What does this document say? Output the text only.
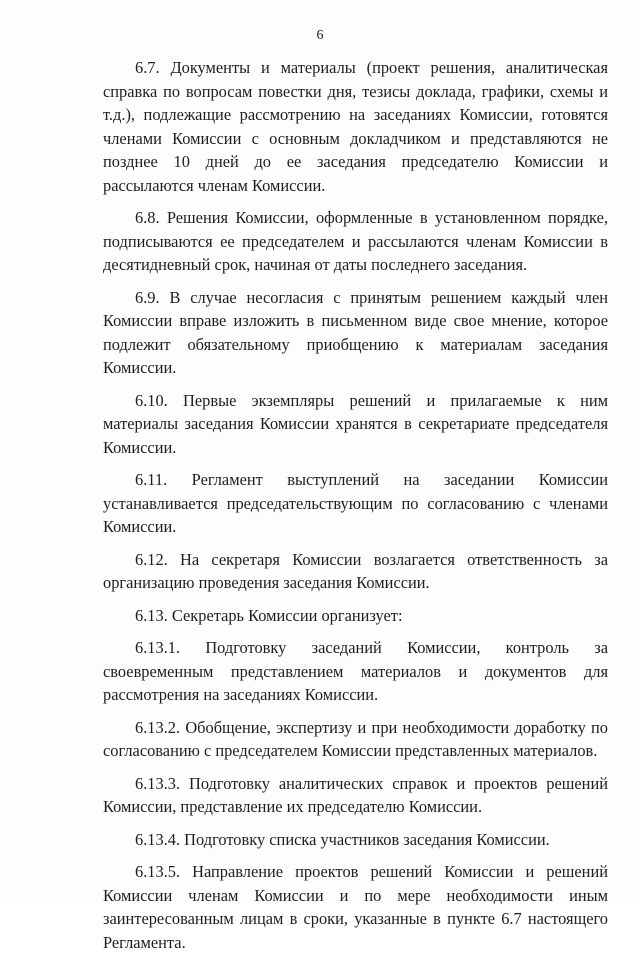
6

6.7. Документы и материалы (проект решения, аналитическая справка по вопросам повестки дня, тезисы доклада, графики, схемы и т.д.), подлежащие рассмотрению на заседаниях Комиссии, готовятся членами Комиссии с основным докладчиком и представляются не позднее 10 дней до ее заседания председателю Комиссии и рассылаются членам Комиссии.

6.8. Решения Комиссии, оформленные в установленном порядке, подписываются ее председателем и рассылаются членам Комиссии в десятидневный срок, начиная от даты последнего заседания.

6.9. В случае несогласия с принятым решением каждый член Комиссии вправе изложить в письменном виде свое мнение, которое подлежит обязательному приобщению к материалам заседания Комиссии.

6.10. Первые экземпляры решений и прилагаемые к ним материалы заседания Комиссии хранятся в секретариате председателя Комиссии.

6.11. Регламент выступлений на заседании Комиссии устанавливается председательствующим по согласованию с членами Комиссии.

6.12. На секретаря Комиссии возлагается ответственность за организацию проведения заседания Комиссии.

6.13. Секретарь Комиссии организует:

6.13.1. Подготовку заседаний Комиссии, контроль за своевременным представлением материалов и документов для рассмотрения на заседаниях Комиссии.

6.13.2. Обобщение, экспертизу и при необходимости доработку по согласованию с председателем Комиссии представленных материалов.

6.13.3. Подготовку аналитических справок и проектов решений Комиссии, представление их председателю Комиссии.

6.13.4. Подготовку списка участников заседания Комиссии.

6.13.5. Направление проектов решений Комиссии и решений Комиссии членам Комиссии и по мере необходимости иным заинтересованным лицам в сроки, указанные в пункте 6.7 настоящего Регламента.
